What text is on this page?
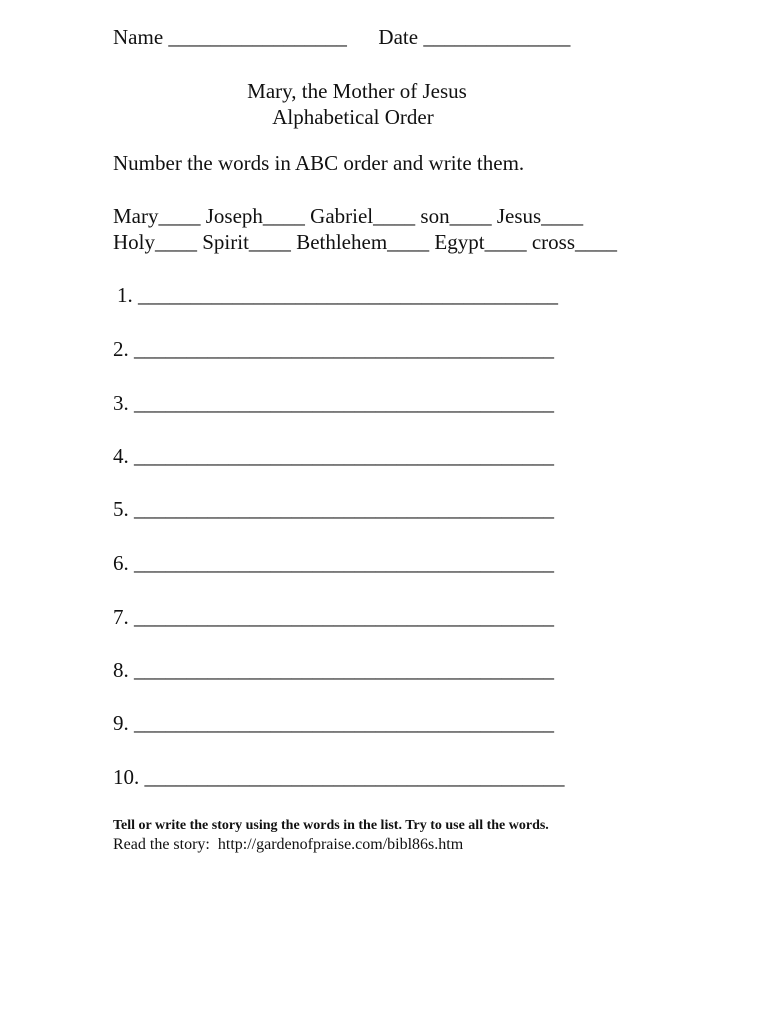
Name _________________ Date ______________
Mary, the Mother of Jesus
Alphabetical Order
Number the words in ABC order and write them.
Mary____ Joseph____ Gabriel____ son____ Jesus____
Holy____ Spirit____ Bethlehem____ Egypt____ cross____
1. ________________________________________
2. ________________________________________
3. ________________________________________
4. ________________________________________
5. ________________________________________
6. ________________________________________
7. ________________________________________
8. ________________________________________
9. ________________________________________
10. ________________________________________
Tell or write the story using the words in the list. Try to use all the words.
Read the story: http://gardenofpraise.com/bibl86s.htm
